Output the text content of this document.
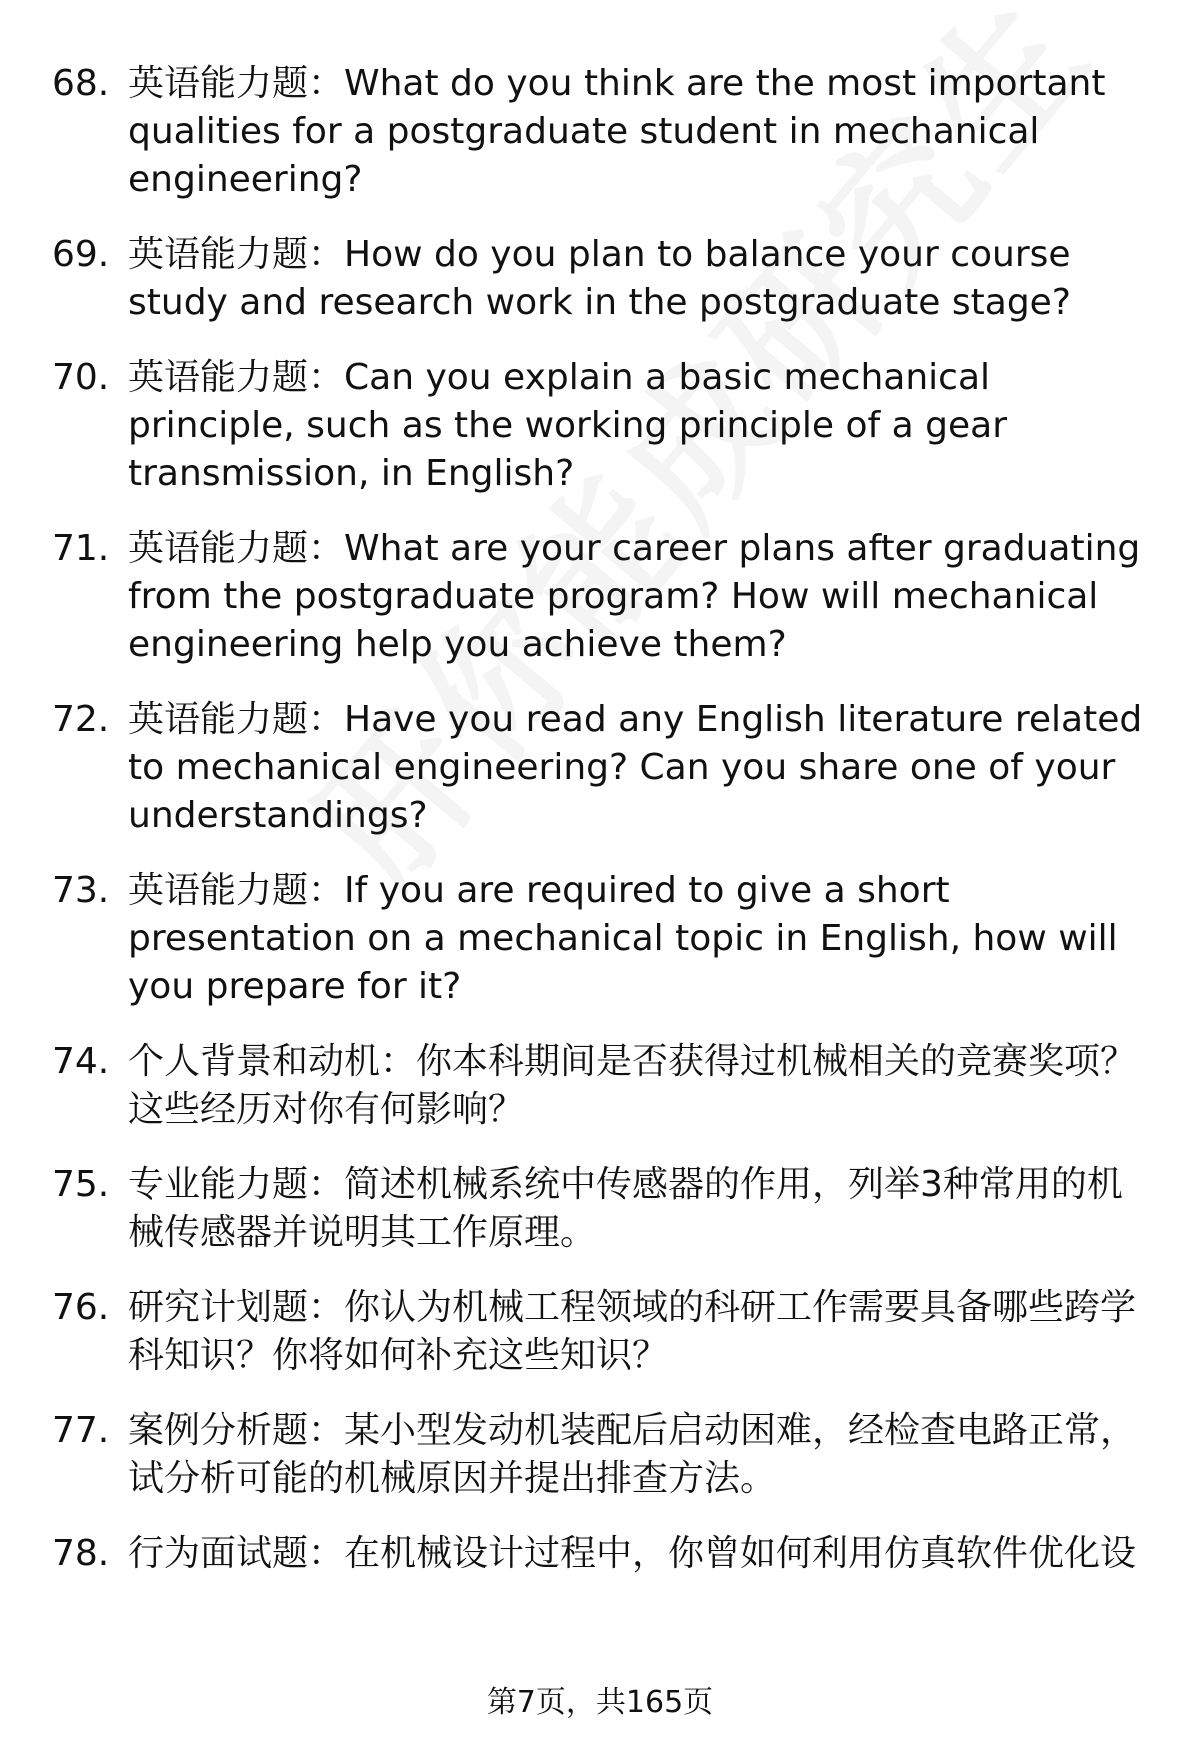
68. 英语能力题：What do you think are the most important qualities for a postgraduate student in mechanical engineering?
69. 英语能力题：How do you plan to balance your course study and research work in the postgraduate stage?
70. 英语能力题：Can you explain a basic mechanical principle, such as the working principle of a gear transmission, in English?
71. 英语能力题：What are your career plans after graduating from the postgraduate program? How will mechanical engineering help you achieve them?
72. 英语能力题：Have you read any English literature related to mechanical engineering? Can you share one of your understandings?
73. 英语能力题：If you are required to give a short presentation on a mechanical topic in English, how will you prepare for it?
74. 个人背景和动机：你本科期间是否获得过机械相关的竞赛奖项？这些经历对你有何影响？
75. 专业能力题：简述机械系统中传感器的作用，列举3种常用的机械传感器并说明其工作原理。
76. 研究计划题：你认为机械工程领域的科研工作需要具备哪些跨学科知识？你将如何补充这些知识？
77. 案例分析题：某小型发动机装配后启动困难，经检查电路正常，试分析可能的机械原因并提出排查方法。
78. 行为面试题：在机械设计过程中，你曾如何利用仿真软件优化设
第7页，共165页
